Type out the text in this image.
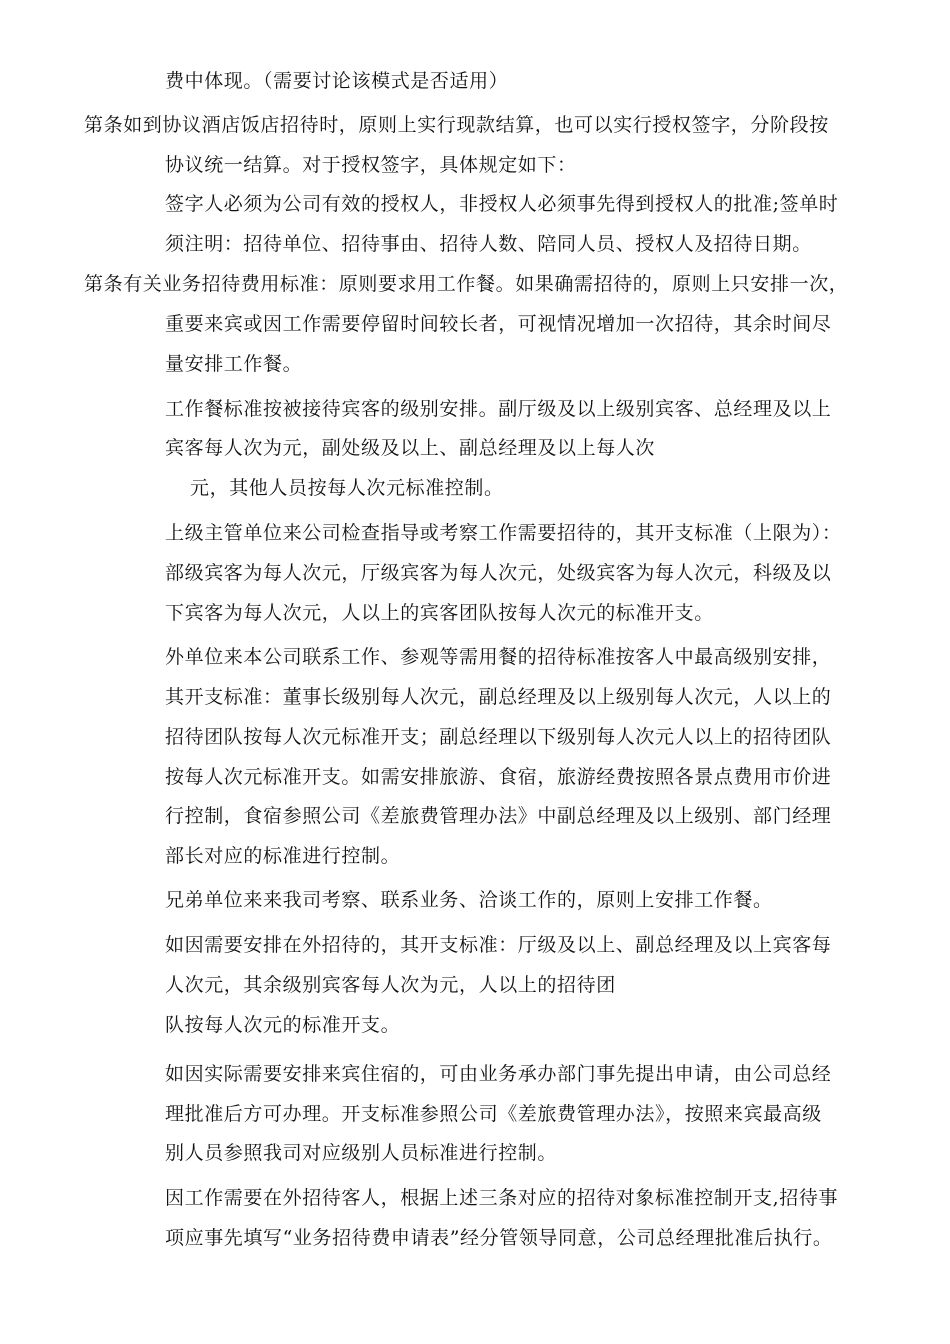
费中体现。（需要讨论该模式是否适用）
第条如到协议酒店饭店招待时，原则上实行现款结算，也可以实行授权签字，分阶段按
协议统一结算。对于授权签字，具体规定如下：
签字人必须为公司有效的授权人，非授权人必须事先得到授权人的批准;签单时
须注明：招待单位、招待事由、招待人数、陪同人员、授权人及招待日期。
第条有关业务招待费用标准：原则要求用工作餐。如果确需招待的，原则上只安排一次，
重要来宾或因工作需要停留时间较长者，可视情况增加一次招待，其余时间尽
量安排工作餐。
工作餐标准按被接待宾客的级别安排。副厅级及以上级别宾客、总经理及以上
宾客每人次为元，副处级及以上、副总经理及以上每人次
元，其他人员按每人次元标准控制。
上级主管单位来公司检查指导或考察工作需要招待的，其开支标准（上限为）：
部级宾客为每人次元，厅级宾客为每人次元，处级宾客为每人次元，科级及以
下宾客为每人次元，人以上的宾客团队按每人次元的标准开支。
外单位来本公司联系工作、参观等需用餐的招待标准按客人中最高级别安排，
其开支标准：董事长级别每人次元，副总经理及以上级别每人次元，人以上的
招待团队按每人次元标准开支；副总经理以下级别每人次元人以上的招待团队
按每人次元标准开支。如需安排旅游、食宿，旅游经费按照各景点费用市价进
行控制，食宿参照公司《差旅费管理办法》中副总经理及以上级别、部门经理
部长对应的标准进行控制。
兄弟单位来来我司考察、联系业务、洽谈工作的，原则上安排工作餐。
如因需要安排在外招待的，其开支标准：厅级及以上、副总经理及以上宾客每
人次元，其余级别宾客每人次为元，人以上的招待团
队按每人次元的标准开支。
如因实际需要安排来宾住宿的，可由业务承办部门事先提出申请，由公司总经
理批准后方可办理。开支标准参照公司《差旅费管理办法》，按照来宾最高级
别人员参照我司对应级别人员标准进行控制。
因工作需要在外招待客人，根据上述三条对应的招待对象标准控制开支,招待事
项应事先填写“业务招待费申请表”经分管领导同意，公司总经理批准后执行。
